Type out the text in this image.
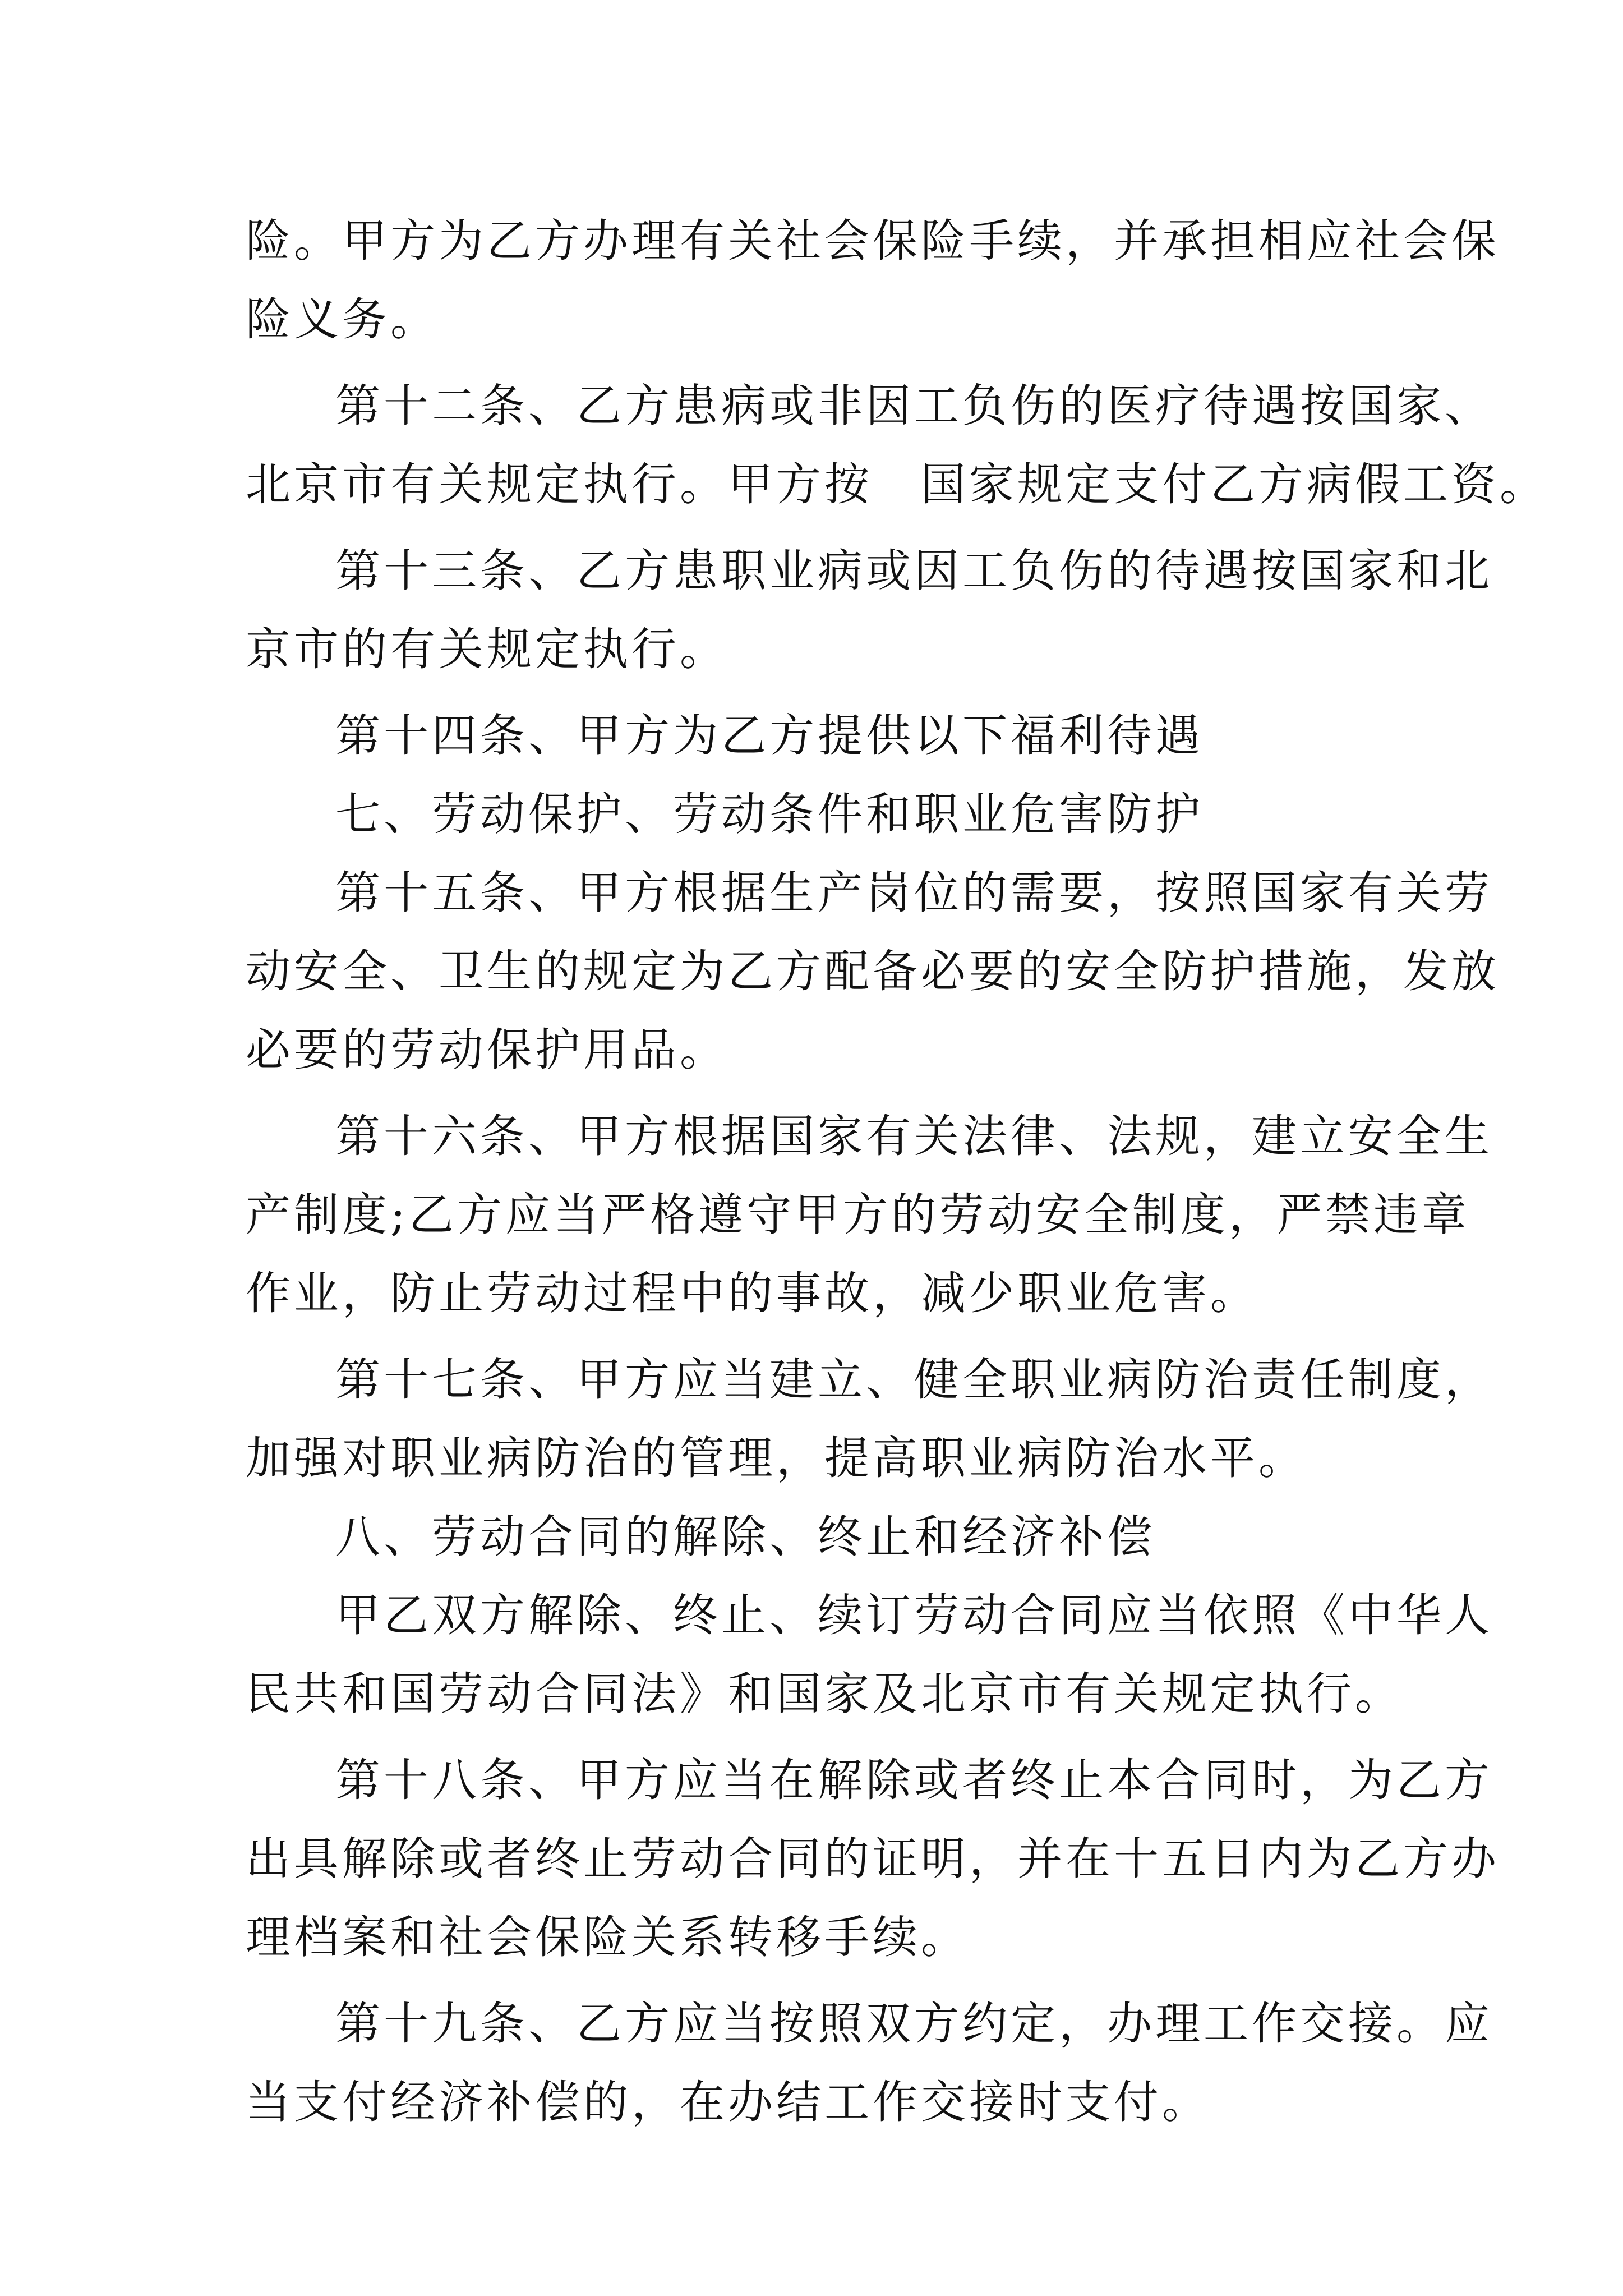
险。甲方为乙方办理有关社会保险手续，并承担相应社会保
险义务。
第十二条、乙方患病或非因工负伤的医疗待遇按国家、
北京市有关规定执行。甲方按　国家规定支付乙方病假工资。
第十三条、乙方患职业病或因工负伤的待遇按国家和北
京市的有关规定执行。
第十四条、甲方为乙方提供以下福利待遇
七、劳动保护、劳动条件和职业危害防护
第十五条、甲方根据生产岗位的需要，按照国家有关劳
动安全、卫生的规定为乙方配备必要的安全防护措施，发放
必要的劳动保护用品。
第十六条、甲方根据国家有关法律、法规，建立安全生
产制度;乙方应当严格遵守甲方的劳动安全制度，严禁违章
作业，防止劳动过程中的事故，减少职业危害。
第十七条、甲方应当建立、健全职业病防治责任制度，
加强对职业病防治的管理，提高职业病防治水平。
八、劳动合同的解除、终止和经济补偿
甲乙双方解除、终止、续订劳动合同应当依照《中华人
民共和国劳动合同法》和国家及北京市有关规定执行。
第十八条、甲方应当在解除或者终止本合同时，为乙方
出具解除或者终止劳动合同的证明，并在十五日内为乙方办
理档案和社会保险关系转移手续。
第十九条、乙方应当按照双方约定，办理工作交接。应
当支付经济补偿的，在办结工作交接时支付。
